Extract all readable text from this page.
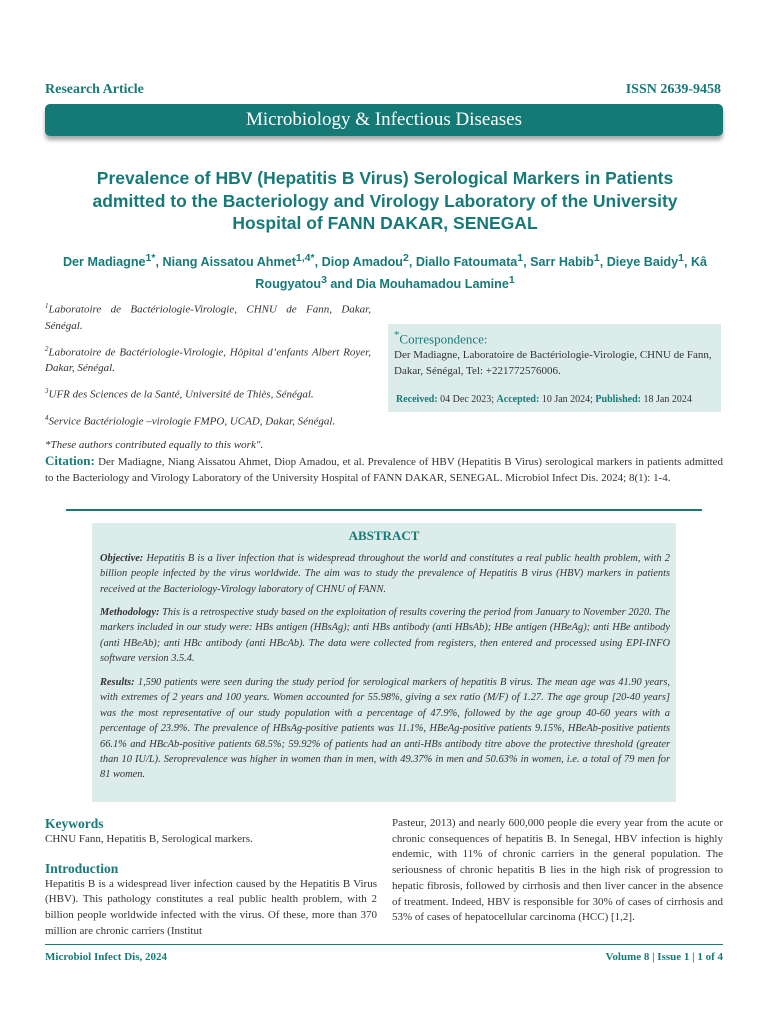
Research Article	ISSN 2639-9458
Microbiology & Infectious Diseases
Prevalence of HBV (Hepatitis B Virus) Serological Markers in Patients
admitted to the Bacteriology and Virology Laboratory of the University
Hospital of FANN DAKAR, SENEGAL
Der Madiagne$^{1*}$, Niang Aissatou Ahmet$^{1,4*}$, Diop Amadou$^2$, Diallo Fatoumata$^1$, Sarr Habib$^1$, Dieye Baidy$^1$, Kâ Rougyatou$^3$ and Dia Mouhamadou Lamine$^1$
$^1$Laboratoire de Bactériologie-Virologie, CHNU de Fann, Dakar, Sénégal.
$^2$Laboratoire de Bactériologie-Virologie, Hôpital d’enfants Albert Royer, Dakar, Sénégal.
$^3$UFR des Sciences de la Santé, Université de Thiès, Sénégal.
$^4$Service Bactériologie –virologie FMPO, UCAD, Dakar, Sénégal.
*These authors contributed equally to this work".
*Correspondence:
Der Madiagne, Laboratoire de Bactériologie-Virologie, CHNU de Fann, Dakar, Sénégal, Tel: +221772576006.
Received: 04 Dec 2023; Accepted: 10 Jan 2024; Published: 18 Jan 2024
Citation: Der Madiagne, Niang Aissatou Ahmet, Diop Amadou, et al. Prevalence of HBV (Hepatitis B Virus) serological markers in patients admitted to the Bacteriology and Virology Laboratory of the University Hospital of FANN DAKAR, SENEGAL. Microbiol Infect Dis. 2024; 8(1): 1-4.
ABSTRACT
Objective: Hepatitis B is a liver infection that is widespread throughout the world and constitutes a real public health problem, with 2 billion people infected by the virus worldwide. The aim was to study the prevalence of Hepatitis B virus (HBV) markers in patients received at the Bacteriology-Virology laboratory of CHNU of FANN.
Methodology: This is a retrospective study based on the exploitation of results covering the period from January to November 2020. The markers included in our study were: HBs antigen (HBsAg); anti HBs antibody (anti HBsAb); HBe antigen (HBeAg); anti HBe antibody (anti HBeAb); anti HBc antibody (anti HBcAb). The data were collected from registers, then entered and processed using EPI-INFO software version 3.5.4.
Results: 1,590 patients were seen during the study period for serological markers of hepatitis B virus. The mean age was 41.90 years, with extremes of 2 years and 100 years. Women accounted for 55.98%, giving a sex ratio (M/F) of 1.27. The age group [20-40 years] was the most representative of our study population with a percentage of 47.9%, followed by the age group 40-60 years with a percentage of 23.9%. The prevalence of HBsAg-positive patients was 11.1%, HBeAg-positive patients 9.15%, HBeAb-positive patients 66.1% and HBcAb-positive patients 68.5%; 59.92% of patients had an anti-HBs antibody titre above the protective threshold (greater than 10 IU/L). Seroprevalence was higher in women than in men, with 49.37% in men and 50.63% in women, i.e. a total of 79 men for 81 women.
Keywords
CHNU Fann, Hepatitis B, Serological markers.
Introduction
Hepatitis B is a widespread liver infection caused by the Hepatitis B Virus (HBV). This pathology constitutes a real public health problem, with 2 billion people worldwide infected with the virus. Of these, more than 370 million are chronic carriers (Institut
Pasteur, 2013) and nearly 600,000 people die every year from the acute or chronic consequences of hepatitis B. In Senegal, HBV infection is highly endemic, with 11% of chronic carriers in the general population. The seriousness of chronic hepatitis B lies in the high risk of progression to hepatic fibrosis, followed by cirrhosis and then liver cancer in the absence of treatment. Indeed, HBV is responsible for 30% of cases of cirrhosis and 53% of cases of hepatocellular carcinoma (HCC) [1,2].
Microbiol Infect Dis, 2024	Volume 8 | Issue 1 | 1 of 4
